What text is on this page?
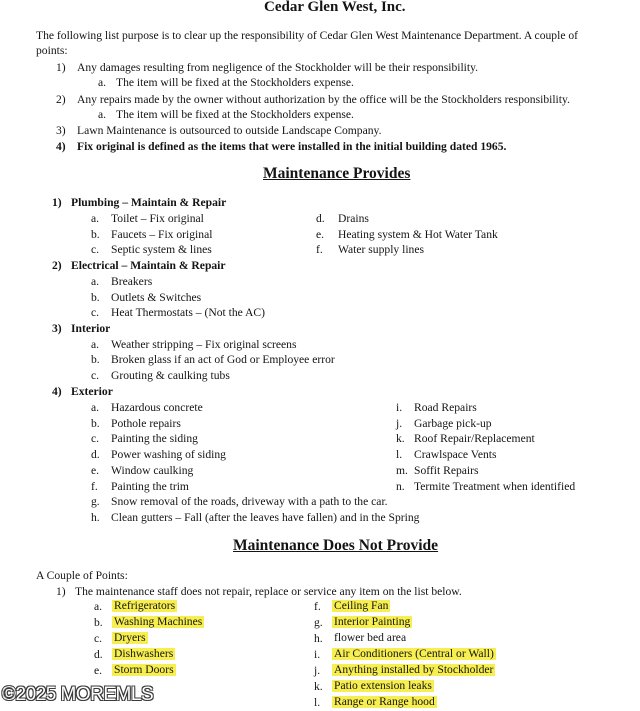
Cedar Glen West, Inc.
The following list purpose is to clear up the responsibility of Cedar Glen West Maintenance Department. A couple of
points:
1) Any damages resulting from negligence of the Stockholder will be their responsibility.
a. The item will be fixed at the Stockholders expense.
2) Any repairs made by the owner without authorization by the office will be the Stockholders responsibility.
a. The item will be fixed at the Stockholders expense.
3) Lawn Maintenance is outsourced to outside Landscape Company.
4) Fix original is defined as the items that were installed in the initial building dated 1965.
Maintenance Provides
1) Plumbing – Maintain & Repair
a. Toilet – Fix original
b. Faucets – Fix original
c. Septic system & lines
d. Drains
e. Heating system & Hot Water Tank
f. Water supply lines
2) Electrical – Maintain & Repair
a. Breakers
b. Outlets & Switches
c. Heat Thermostats – (Not the AC)
3) Interior
a. Weather stripping – Fix original screens
b. Broken glass if an act of God or Employee error
c. Grouting & caulking tubs
4) Exterior
a. Hazardous concrete
b. Pothole repairs
c. Painting the siding
d. Power washing of siding
e. Window caulking
f. Painting the trim
g. Snow removal of the roads, driveway with a path to the car.
h. Clean gutters – Fall (after the leaves have fallen) and in the Spring
i. Road Repairs
j. Garbage pick-up
k. Roof Repair/Replacement
l. Crawlspace Vents
m. Soffit Repairs
n. Termite Treatment when identified
Maintenance Does Not Provide
A Couple of Points:
1) The maintenance staff does not repair, replace or service any item on the list below.
a. Refrigerators
b. Washing Machines
c. Dryers
d. Dishwashers
e. Storm Doors
f. Ceiling Fan
g. Interior Painting
h. flower bed area
i. Air Conditioners (Central or Wall)
j. Anything installed by Stockholder
k. Patio extension leaks
l. Range or Range hood
©2025 MOREMLS
